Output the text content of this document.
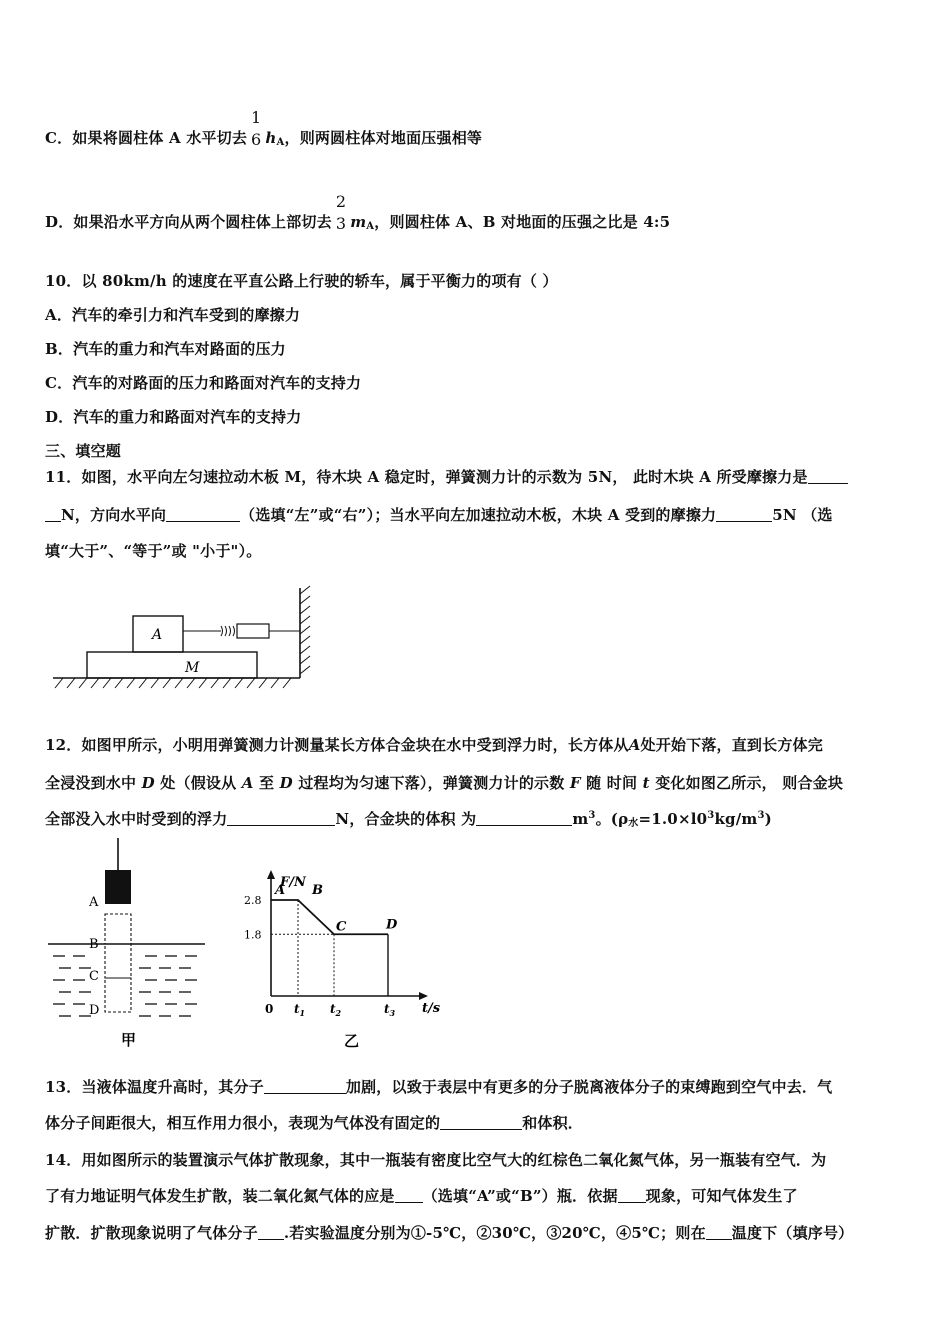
C．如果将圆柱体 A 水平切去
1
6 $h_A$，则两圆柱体对地面压强相等
D．如果沿水平方向从两个圆柱体上部切去
2
3 $m_A$，则圆柱体 A、B 对地面的压强之比是 4:5
10．以 80km/h 的速度在平直公路上行驶的轿车，属于平衡力的项有（ ）
A．汽车的牵引力和汽车受到的摩擦力
B．汽车的重力和汽车对路面的压力
C．汽车的对路面的压力和路面对汽车的支持力
D．汽车的重力和路面对汽车的支持力
三、填空题
11．如图，水平向左匀速拉动木板 M，待木块 A 稳定时，弹簧测力计的示数为 5N， 此时木块 A 所受摩擦力是
N，方向水平向	（选填“左”或“右”）；当水平向左加速拉动木板，木块 A 受到的摩擦力	5N （选
填“大于”、“等于”或 "小于"）。
M
A
12．如图甲所示，小明用弹簧测力计测量某长方体合金块在水中受到浮力时，长方体从A处开始下落，直到长方体完
全浸没到水中 D 处（假设从 A 至 D 过程均为匀速下落），弹簧测力计的示数 F 随 时间 t 变化如图乙所示， 则合金块
全部没入水中时受到的浮力	N，合金块的体积 为	$m^3$。$(\rho_水=1.0\times l0^3kg/m^3)$
A
B
C
D
甲
F/N
t/s
乙
A B
C	D
2.8
1.8
0 $t_1$ $t_2$	$t_3$
13．当液体温度升高时，其分子	加剧，以致于表层中有更多的分子脱离液体分子的束缚跑到空气中去．气
体分子间距很大，相互作用力很小，表现为气体没有固定的	和体积．
14．用如图所示的装置演示气体扩散现象，其中一瓶装有密度比空气大的红棕色二氧化氮气体，另一瓶装有空气．为
了有力地证明气体发生扩散，装二氧化氮气体的应是 （选填“A”或“B”）瓶．依据 现象，可知气体发生了
扩散．扩散现象说明了气体分子 .若实验温度分别为①-5℃，②30℃，③20℃，④5℃；则在 温度下（填序号）
